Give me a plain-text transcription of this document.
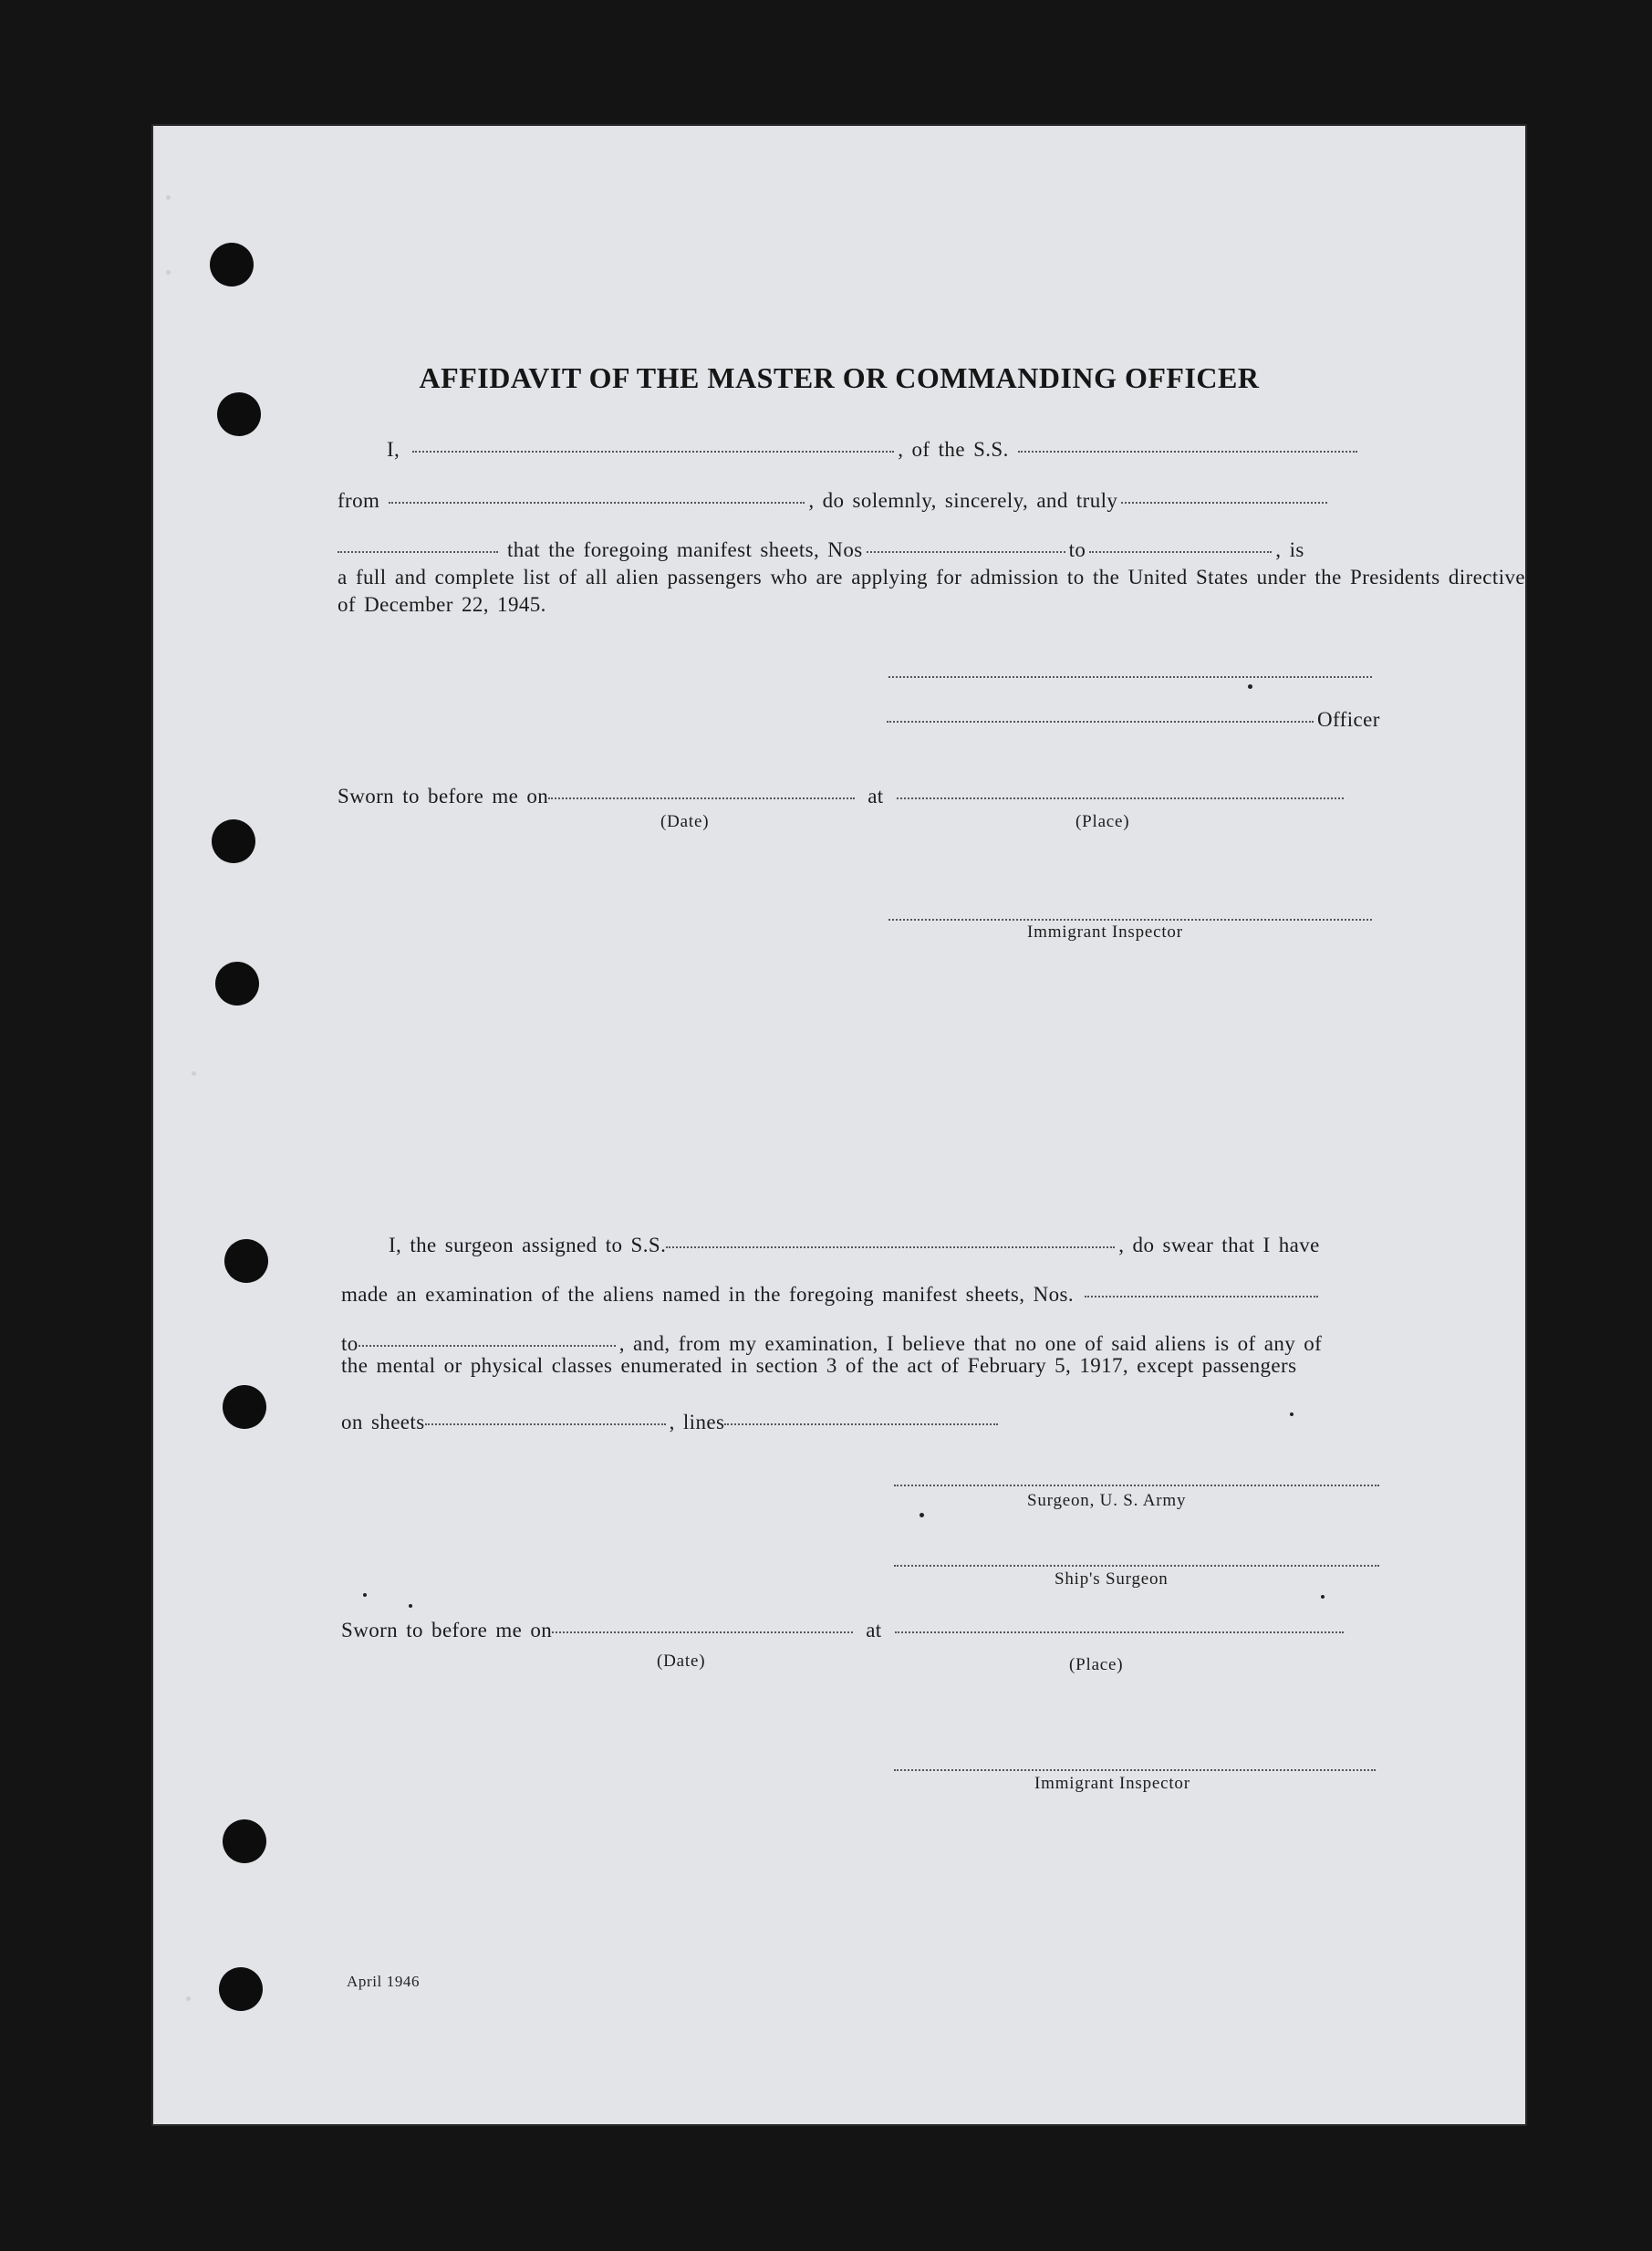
AFFIDAVIT OF THE MASTER OR COMMANDING OFFICER
I,	, of the S.S.
from	, do solemnly, sincerely, and truly
that the foregoing manifest sheets, Nos	to	, is
a full and complete list of all alien passengers who are applying for admission to the United States under the Presidents directive of December 22, 1945.
Officer
Sworn to before me on	at
(Date)	(Place)
Immigrant Inspector
I, the surgeon assigned to S.S.	, do swear that I have
made an examination of the aliens named in the foregoing manifest sheets, Nos.
to	, and, from my examination, I believe that no one of said aliens is of any of
the mental or physical classes enumerated in section 3 of the act of February 5, 1917, except passengers
on sheets	, lines
Surgeon, U. S. Army
Ship's Surgeon
Sworn to before me on	at
(Date)	(Place)
Immigrant Inspector
April 1946
